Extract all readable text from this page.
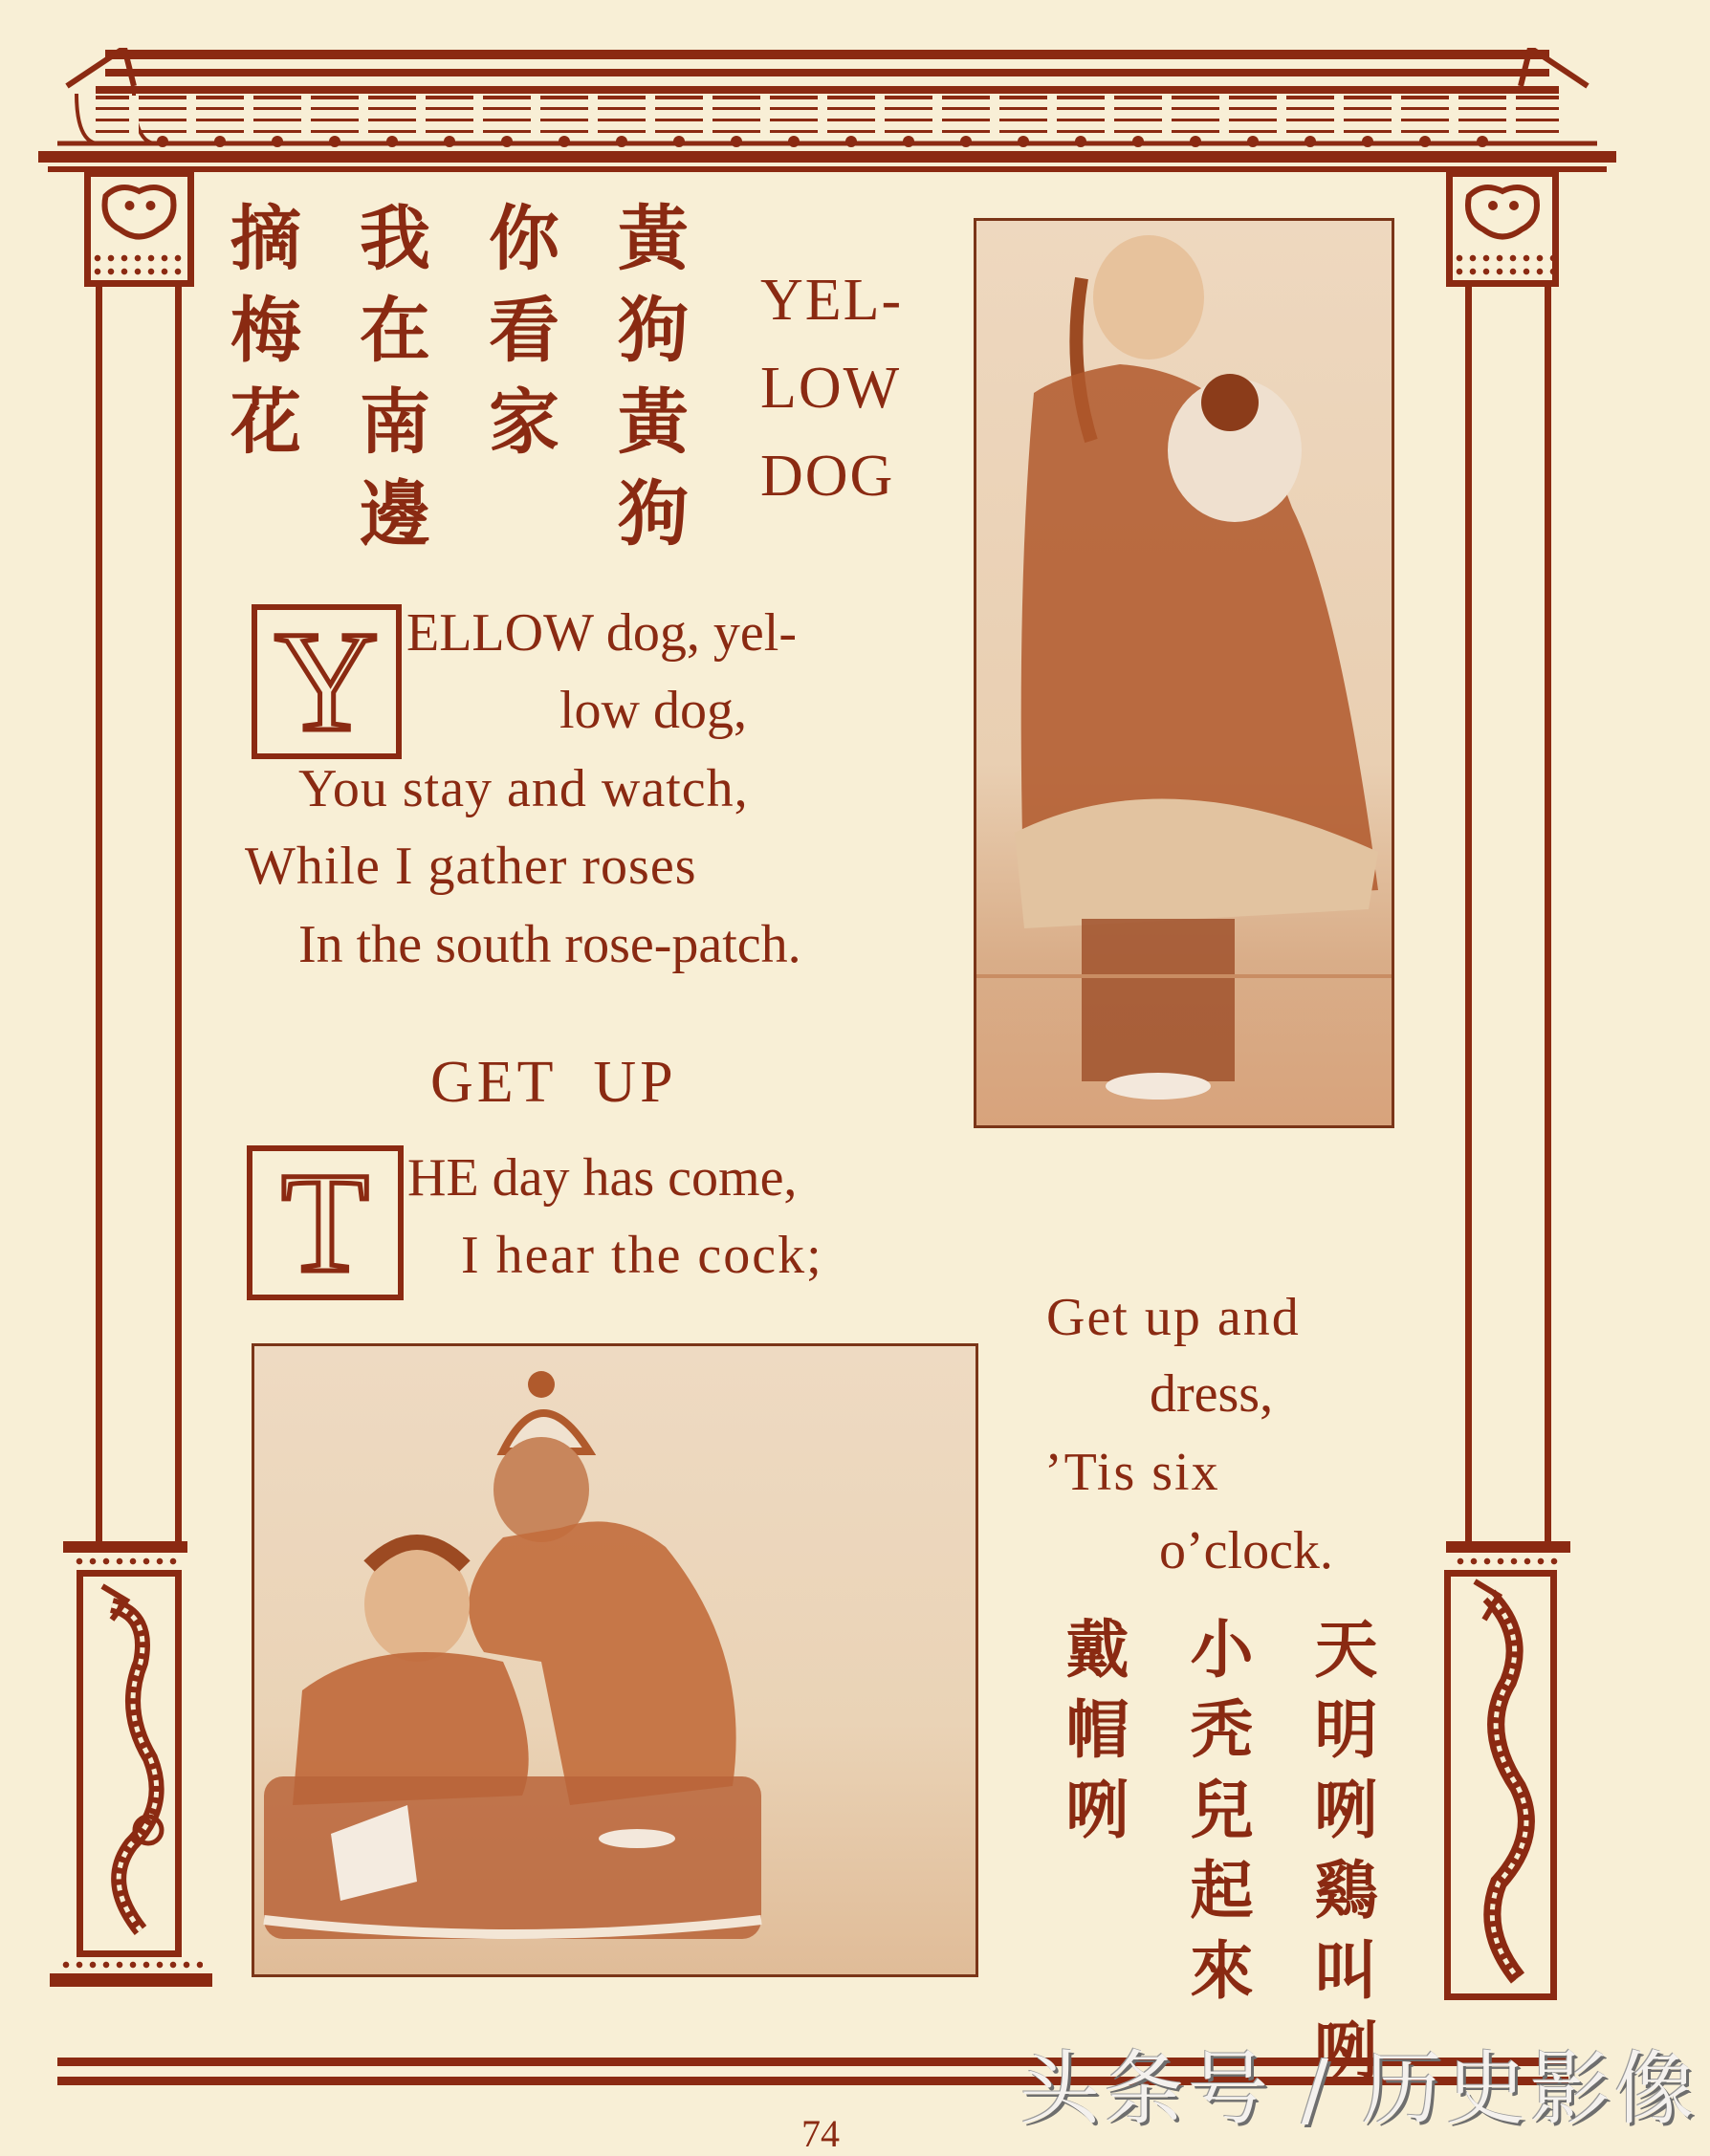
74
黃狗黃狗
你看家
我在南邊
摘梅花	YEL-
LOW
DOG
Y ELLOW dog, yel-
low dog,
You stay and watch,
While I gather roses
In the south rose-patch.
GET  UP
T HE day has come,
I hear the cock;
Get up and
dress,
’Tis six
o’clock.
天明咧鷄叫咧
小秃兒起來
戴帽咧
头条号 / 历史影像
